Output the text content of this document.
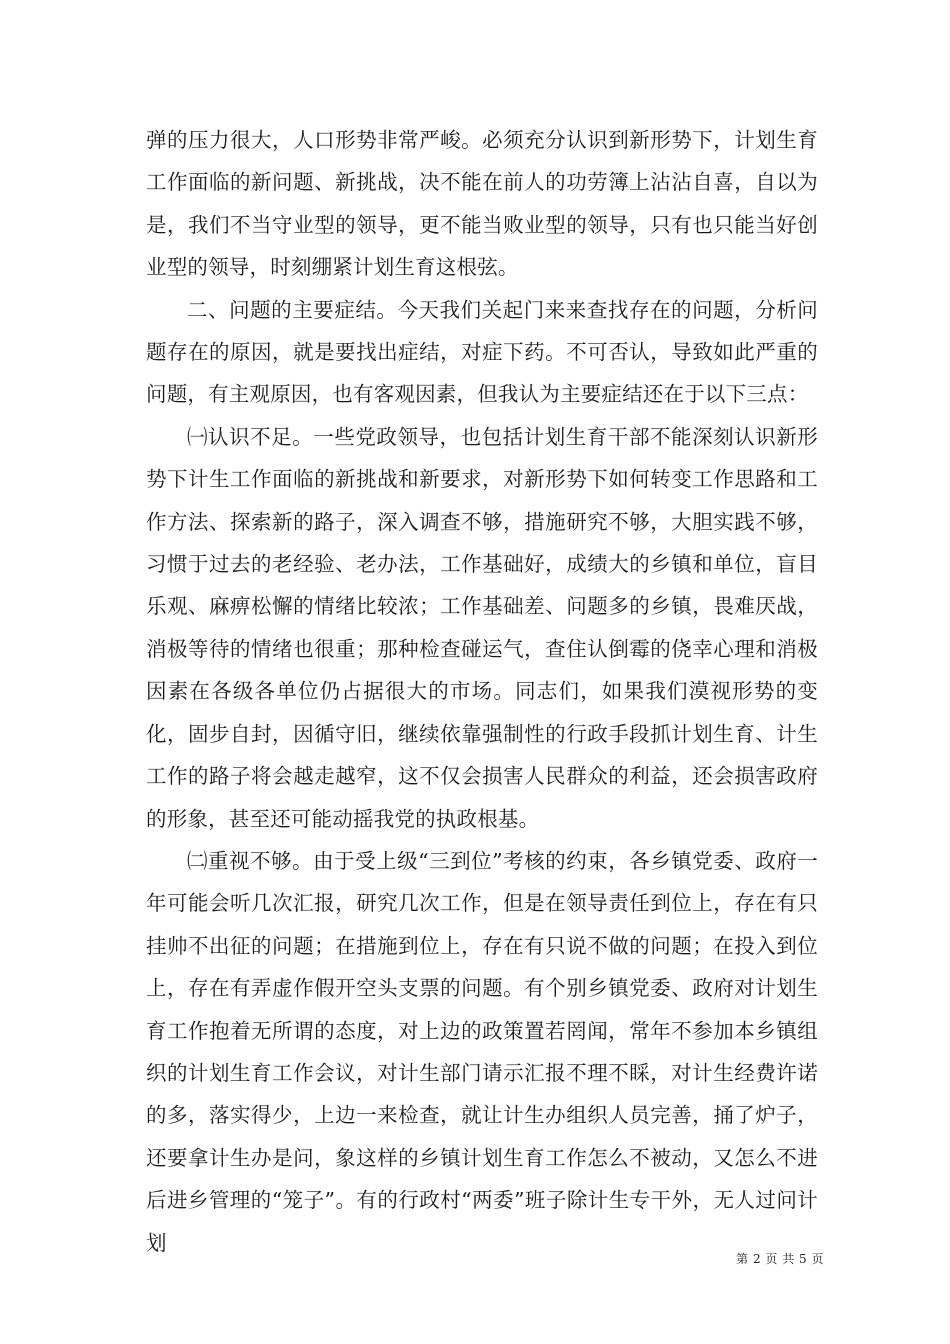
弹的压力很大，人口形势非常严峻。必须充分认识到新形势下，计划生育工作面临的新问题、新挑战，决不能在前人的功劳簿上沾沾自喜，自以为是，我们不当守业型的领导，更不能当败业型的领导，只有也只能当好创业型的领导，时刻绷紧计划生育这根弦。

二、问题的主要症结。今天我们关起门来来查找存在的问题，分析问题存在的原因，就是要找出症结，对症下药。不可否认，导致如此严重的问题，有主观原因，也有客观因素，但我认为主要症结还在于以下三点：

㈠认识不足。一些党政领导，也包括计划生育干部不能深刻认识新形势下计生工作面临的新挑战和新要求，对新形势下如何转变工作思路和工作方法、探索新的路子，深入调查不够，措施研究不够，大胆实践不够，习惯于过去的老经验、老办法，工作基础好，成绩大的乡镇和单位，盲目乐观、麻痹松懈的情绪比较浓；工作基础差、问题多的乡镇，畏难厌战，消极等待的情绪也很重；那种检查碰运气，查住认倒霉的侥幸心理和消极因素在各级各单位仍占据很大的市场。同志们，如果我们漠视形势的变化，固步自封，因循守旧，继续依靠强制性的行政手段抓计划生育、计生工作的路子将会越走越窄，这不仅会损害人民群众的利益，还会损害政府的形象，甚至还可能动摇我党的执政根基。

㈡重视不够。由于受上级“三到位”考核的约束，各乡镇党委、政府一年可能会听几次汇报，研究几次工作，但是在领导责任到位上，存在有只挂帅不出征的问题；在措施到位上，存在有只说不做的问题；在投入到位上，存在有弄虚作假开空头支票的问题。有个别乡镇党委、政府对计划生育工作抱着无所谓的态度，对上边的政策置若罔闻，常年不参加本乡镇组织的计划生育工作会议，对计生部门请示汇报不理不睬，对计生经费许诺的多，落实得少，上边一来检查，就让计生办组织人员完善，捅了炉子，还要拿计生办是问，象这样的乡镇计划生育工作怎么不被动，又怎么不进后进乡管理的“笼子”。有的行政村“两委”班子除计生专干外，无人过问计划

第 2 页 共 5 页
